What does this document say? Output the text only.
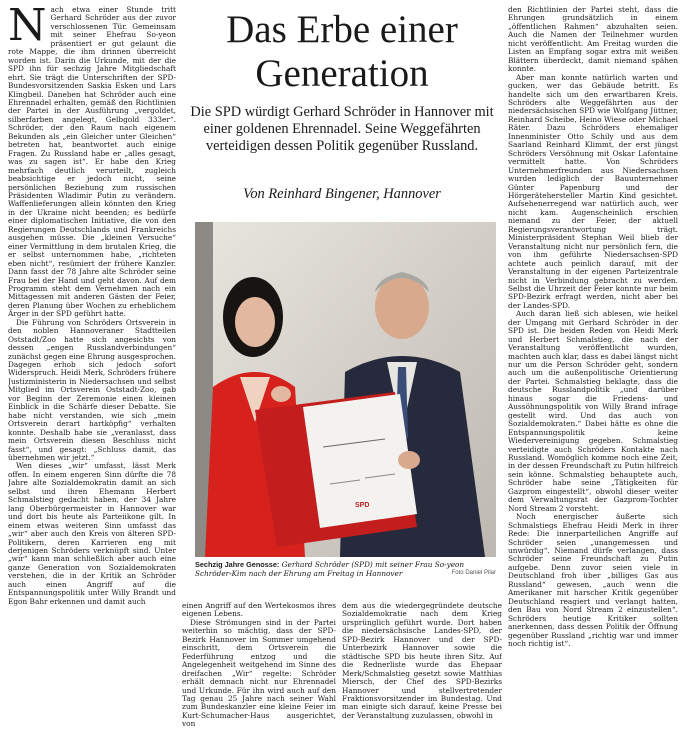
N ach etwa einer Stunde tritt Gerhard Schröder aus der zuvor verschlossenen Tür. Gemeinsam mit seiner Ehefrau So-yeon präsentiert er gut gelaunt die rote Mappe, die ihm drinnen überreicht worden ist. Darin die Urkunde, mit der die SPD ihn für sechzig Jahre Mitgliedschaft ehrt. Sie trägt die Unterschriften der SPD-Bundesvorsitzenden Saskia Esken und Lars Klingbeil. Daneben hat Schröder auch eine Ehrennadel erhalten, gemäß den Richtlinien der Partei in der Ausführung „vergoldet, silberfarben angelegt, Gelbgold 333er“. Schröder, der den Raum nach eigenem Bekunden als „ein Gleicher unter Gleichen“ betreten hat, beantwortet auch einige Fragen. Zu Russland habe er „alles gesagt, was zu sagen ist“. Er habe den Krieg mehrfach deutlich verurteilt, zugleich beabsichtige er jedoch nicht, seine persönlichen Beziehung zum russischen Präsidenten Wladimir Putin zu verändern. Waffenlieferungen allein könnten den Krieg in der Ukraine nicht beenden; es bedürfe einer diplomatischen Initiative, die von den Regierungen Deutschlands und Frankreichs ausgehen müsse. Die „kleinen Versuche“ einer Vermittlung in dem brutalen Krieg, die er selbst unternommen habe, „richteten eben nicht“, resümiert der frühere Kanzler. Dann fasst der 78 Jahre alte Schröder seine Frau bei der Hand und geht davon. Auf dem Programm steht dem Vernehmen nach ein Mittagessen mit anderen Gästen der Feier, deren Planung über Wochen zu erheblichem Ärger in der SPD geführt hatte.

Die Führung von Schröders Ortsverein in den noblen Hannoveraner Stadtteilen Oststadt/Zoo hatte sich angesichts von dessen „engen Russlandverbindungen“ zunächst gegen eine Ehrung ausgesprochen. Dagegen erhob sich jedoch sofort Widerspruch. Heidi Merk, Schröders frühere Justizministerin in Niedersachsen und selbst Mitglied im Ortsverein Oststadt-Zoo, gab vor Beginn der Zeremonie einen kleinen Einblick in die Schärfe dieser Debatte. Sie habe nicht verstanden, wie sich „mein Ortsverein derart hartköpfig“ verhalten konnte. Deshalb habe sie „veranlasst, dass mein Ortsverein diesen Beschluss nicht fasst“, und gesagt: „Schluss damit, das übernehmen wir jetzt.“

Wen dieses „wir“ umfasst, lässt Merk offen. In einem engeren Sinn dürfte die 78 Jahre alte Sozialdemokratin damit an sich selbst und ihren Ehemann Herbert Schmalstieg gedacht haben, der 34 Jahre lang Oberbürgermeister in Hannover war und dort bis heute als Parteiikone gilt. In einem etwas weiteren Sinn umfasst das „wir“ aber auch den Kreis von älteren SPD-Politikern, deren Karrieren eng mit derjenigen Schröders verknüpft sind. Unter „wir“ kann man schließlich aber auch eine ganze Generation von Sozialdemokraten verstehen, die in der Kritik an Schröder auch einen Angriff auf die Entspannungspolitik unter Willy Brandt und Egon Bahr erkennen und damit auch

Das Erbe einer Generation
Die SPD würdigt Gerhard Schröder in Hannover mit einer goldenen Ehrennadel. Seine Weggefährten verteidigen dessen Politik gegenüber Russland.
Von Reinhard Bingener, Hannover
SPD
Sechzig Jahre Genosse: Gerhard Schröder (SPD) mit seiner Frau So-yeon Schröder-Kim nach der Ehrung am Freitag in Hannover	Foto Daniel Pilar

einen Angriff auf den Wertekosmos ihres eigenen Lebens.

Diese Strömungen sind in der Partei weiterhin so mächtig, dass der SPD-Bezirk Hannover im Sommer umgehend einschritt, dem Ortsverein die Federführung entzog und die Angelegenheit weitgehend im Sinne des dreifachen „Wir“ regelte: Schröder erhält demnach nicht nur Ehrennadel und Urkunde. Für ihn wird auch auf den Tag genau 25 Jahre nach seiner Wahl zum Bundeskanzler eine kleine Feier im Kurt-Schumacher-Haus ausgerichtet, von

dem aus die wiedergegründete deutsche Sozialdemokratie nach dem Krieg ursprünglich geführt wurde. Dort haben die niedersächsische Landes-SPD, der SPD-Bezirk Hannover und der SPD-Unterbezirk Hannover sowie die städtische SPD bis heute ihren Sitz. Auf die Rednerliste wurde das Ehepaar Merk/Schmalstieg gesetzt sowie Matthias Miersch, der Chef des SPD-Bezirks Hannover und stellvertretender Fraktionsvorsitzender im Bundestag. Und man einigte sich darauf, keine Presse bei der Veranstaltung zuzulassen, obwohl in

den Richtlinien der Partei steht, dass die Ehrungen grundsätzlich in einem „öffentlichen Rahmen“ abzuhalten seien. Auch die Namen der Teilnehmer wurden nicht veröffentlicht. Am Freitag wurden die Listen an Empfang sogar extra mit weißen Blättern überdeckt, damit niemand spähen konnte.

Aber man konnte natürlich warten und gucken, wer das Gebäude betritt. Es handelte sich um den erwartbaren Kreis. Schröders alte Weggefährten aus der niedersächsischen SPD wie Wolfgang Jüttner, Reinhard Scheibe, Heino Wiese oder Michael Räter. Dazu Schröders ehemaliger Innenminister Otto Schily und aus dem Saarland Reinhard Klimmt, der erst jüngst Schröders Versöhnung mit Oskar Lafontaine vermittelt hatte. Von Schröders Unternehmerfreunden aus Niedersachsen wurden lediglich der Bauunternehmer Günter Papenburg und der Hörgerätehersteller Martin Kind gesichtet. Aufsehenerregend war natürlich auch, wer nicht kam. Augenscheinlich erschien niemand zu der Feier, der aktuell Regierungsverantwortung trägt. Ministerpräsident Stephan Weil blieb der Veranstaltung nicht nur persönlich fern, die von ihm geführte Niedersachsen-SPD achtete auch peinlich darauf, mit der Veranstaltung in der eigenen Parteizentrale nicht in Verbindung gebracht zu werden. Selbst die Uhrzeit der Feier konnte nur beim SPD-Bezirk erfragt werden, nicht aber bei der Landes-SPD.

Auch daran ließ sich ablesen, wie heikel der Umgang mit Gerhard Schröder in der SPD ist. Die beiden Reden von Heidi Merk und Herbert Schmalstieg, die nach der Veranstaltung veröffentlicht wurden, machten auch klar, dass es dabei längst nicht nur um die Person Schröder geht, sondern auch um die außenpolitische Orientierung der Partei. Schmalstieg beklagte, dass die deutsche Russlandpolitik „und darüber hinaus sogar die Friedens- und Aussöhnungspolitik von Willy Brand infrage gestellt wird. Und das auch von Sozialdemokraten.“ Dabei hätte es ohne die Entspannungspolitik keine Wiedervereinigung gegeben. Schmalstieg verteidigte auch Schröders Kontakte nach Russland. Womöglich komme noch eine Zeit, in der dessen Freundschaft zu Putin hilfreich sein könne. Schmalstieg behauptete auch, Schröder habe seine „Tätigkeiten für Gazprom eingestellt“, obwohl dieser weiter dem Verwaltungsrat der Gazprom-Tochter Nord Stream 2 vorsteht.

Noch energischer äußerte sich Schmalstiegs Ehefrau Heidi Merk in ihrer Rede: Die innerparteilichen Angriffe auf Schröder seien „unangemessen und unwürdig“. Niemand dürfe verlangen, dass Schröder seine Freundschaft zu Putin aufgebe. Denn zuvor seien viele in Deutschland froh über „billiges Gas aus Russland“ gewesen, „auch wenn die Amerikaner mit harscher Kritik gegenüber Deutschland reagiert und verlangt hatten, den Bau von Nord Stream 2 einzustellen“. Schröders heutige Kritiker sollten anerkennen, dass dessen Politik der Öffnung gegenüber Russland „richtig war und immer noch richtig ist“.
